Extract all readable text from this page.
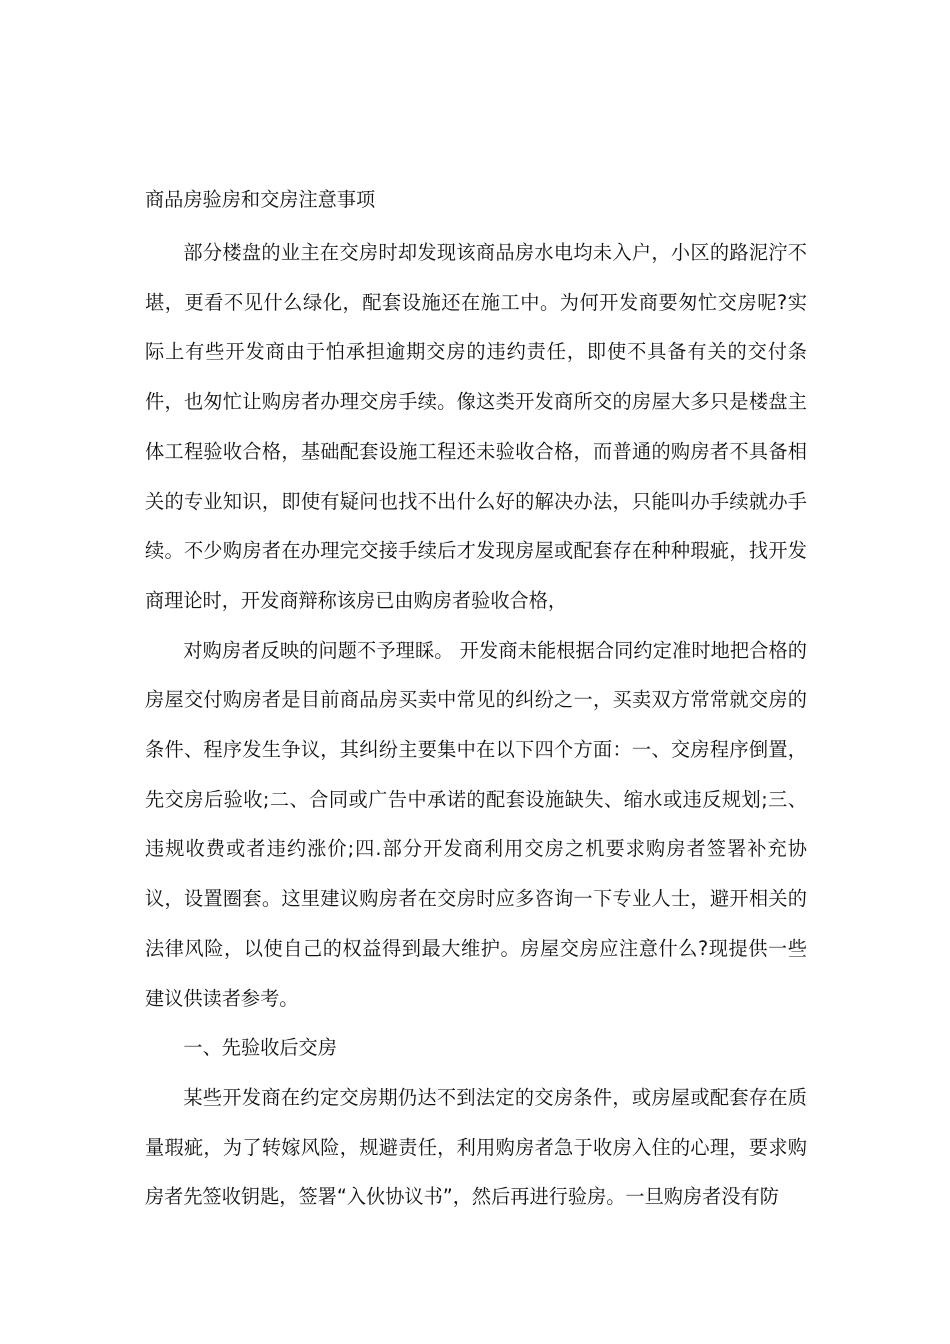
商品房验房和交房注意事项

部分楼盘的业主在交房时却发现该商品房水电均未入户，小区的路泥泞不堪，更看不见什么绿化，配套设施还在施工中。为何开发商要匆忙交房呢?实际上有些开发商由于怕承担逾期交房的违约责任，即使不具备有关的交付条件，也匆忙让购房者办理交房手续。像这类开发商所交的房屋大多只是楼盘主体工程验收合格，基础配套设施工程还未验收合格，而普通的购房者不具备相关的专业知识，即使有疑问也找不出什么好的解决办法，只能叫办手续就办手续。不少购房者在办理完交接手续后才发现房屋或配套存在种种瑕疵，找开发商理论时，开发商辩称该房已由购房者验收合格，

对购房者反映的问题不予理睬。 开发商未能根据合同约定准时地把合格的房屋交付购房者是目前商品房买卖中常见的纠纷之一，买卖双方常常就交房的条件、程序发生争议，其纠纷主要集中在以下四个方面：一、交房程序倒置，先交房后验收;二、合同或广告中承诺的配套设施缺失、缩水或违反规划;三、违规收费或者违约涨价;四.部分开发商利用交房之机要求购房者签署补充协议，设置圈套。这里建议购房者在交房时应多咨询一下专业人士，避开相关的法律风险，以使自己的权益得到最大维护。房屋交房应注意什么?现提供一些建议供读者参考。

一、先验收后交房

某些开发商在约定交房期仍达不到法定的交房条件，或房屋或配套存在质量瑕疵，为了转嫁风险，规避责任，利用购房者急于收房入住的心理，要求购房者先签收钥匙，签署“入伙协议书”，然后再进行验房。一旦购房者没有防
